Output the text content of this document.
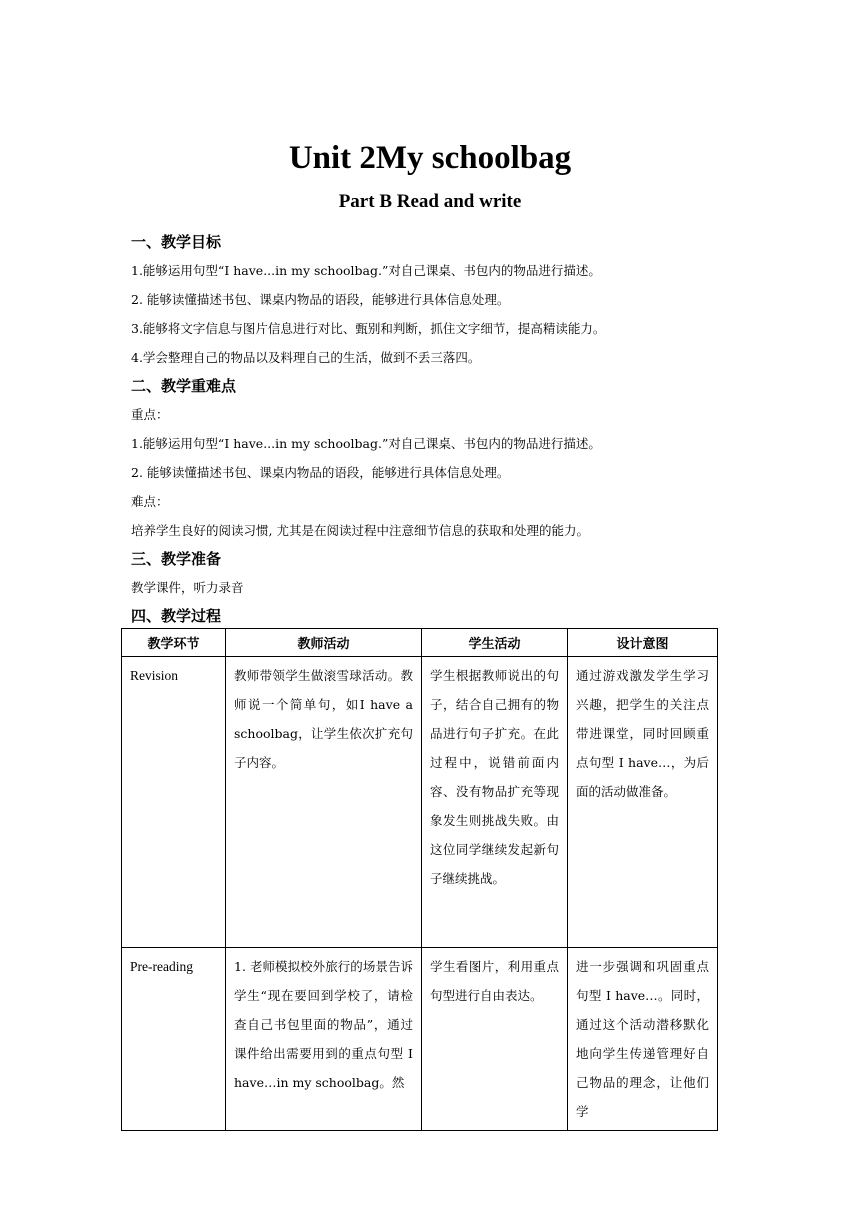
Unit 2My schoolbag

Part B Read and write

一、教学目标

1.能够运用句型“I have...in my schoolbag.”对自己课桌、书包内的物品进行描述。

2. 能够读懂描述书包、课桌内物品的语段，能够进行具体信息处理。

3.能够将文字信息与图片信息进行对比、甄别和判断，抓住文字细节，提高精读能力。

4.学会整理自己的物品以及料理自己的生活，做到不丢三落四。

二、教学重难点

重点：

1.能够运用句型“I have...in my schoolbag.”对自己课桌、书包内的物品进行描述。

2. 能够读懂描述书包、课桌内物品的语段，能够进行具体信息处理。

难点：

培养学生良好的阅读习惯, 尤其是在阅读过程中注意细节信息的获取和处理的能力。

三、教学准备

教学课件，听力录音

四、教学过程

教学环节	教师活动	学生活动	设计意图
Revision	教师带领学生做滚雪球活动。教师说一个简单句，如I have a schoolbag，让学生依次扩充句子内容。	学生根据教师说出的句子，结合自己拥有的物品进行句子扩充。在此过程中，说错前面内容、没有物品扩充等现象发生则挑战失败。由这位同学继续发起新句子继续挑战。	通过游戏激发学生学习兴趣，把学生的关注点带进课堂，同时回顾重点句型 I have…，为后面的活动做准备。
Pre-reading	1. 老师模拟校外旅行的场景告诉学生“现在要回到学校了，请检查自己书包里面的物品”，通过课件给出需要用到的重点句型 I have…in my schoolbag。然	学生看图片，利用重点句型进行自由表达。	进一步强调和巩固重点句型 I have…。同时，通过这个活动潜移默化地向学生传递管理好自己物品的理念，让他们学
